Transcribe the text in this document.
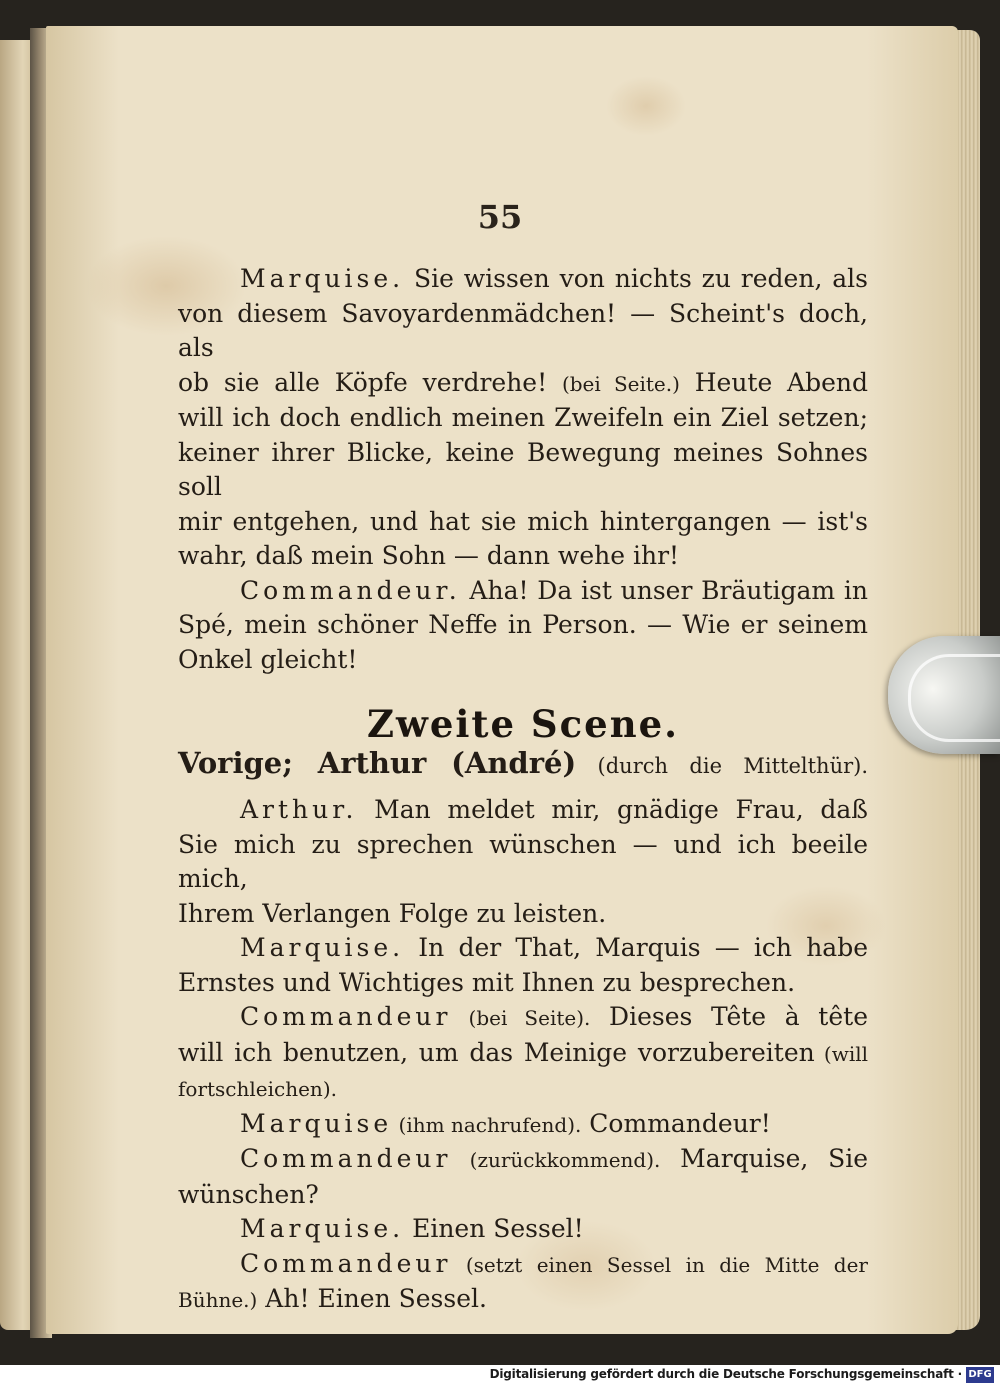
55

Marquise. Sie wissen von nichts zu reden, als

von diesem Savoyardenmädchen! — Scheint's doch, als

ob sie alle Köpfe verdrehe! (bei Seite.) Heute Abend

will ich doch endlich meinen Zweifeln ein Ziel setzen;

keiner ihrer Blicke, keine Bewegung meines Sohnes soll

mir entgehen, und hat sie mich hintergangen — ist's

wahr, daß mein Sohn — dann wehe ihr!

Commandeur. Aha! Da ist unser Bräutigam in

Spé, mein schöner Neffe in Person. — Wie er seinem

Onkel gleicht!

Zweite Scene.

Vorige; Arthur (André) (durch die Mittelthür).

Arthur. Man meldet mir, gnädige Frau, daß

Sie mich zu sprechen wünschen — und ich beeile mich,

Ihrem Verlangen Folge zu leisten.

Marquise. In der That, Marquis — ich habe

Ernstes und Wichtiges mit Ihnen zu besprechen.

Commandeur (bei Seite). Dieses Tête à tête

will ich benutzen, um das Meinige vorzubereiten (will

fortschleichen).

Marquise (ihm nachrufend). Commandeur!

Commandeur (zurückkommend). Marquise, Sie

wünschen?

Marquise. Einen Sessel!

Commandeur (setzt einen Sessel in die Mitte der

Bühne.) Ah! Einen Sessel.

Digitalisierung gefördert durch die Deutsche Forschungsgemeinschaft · DFG
